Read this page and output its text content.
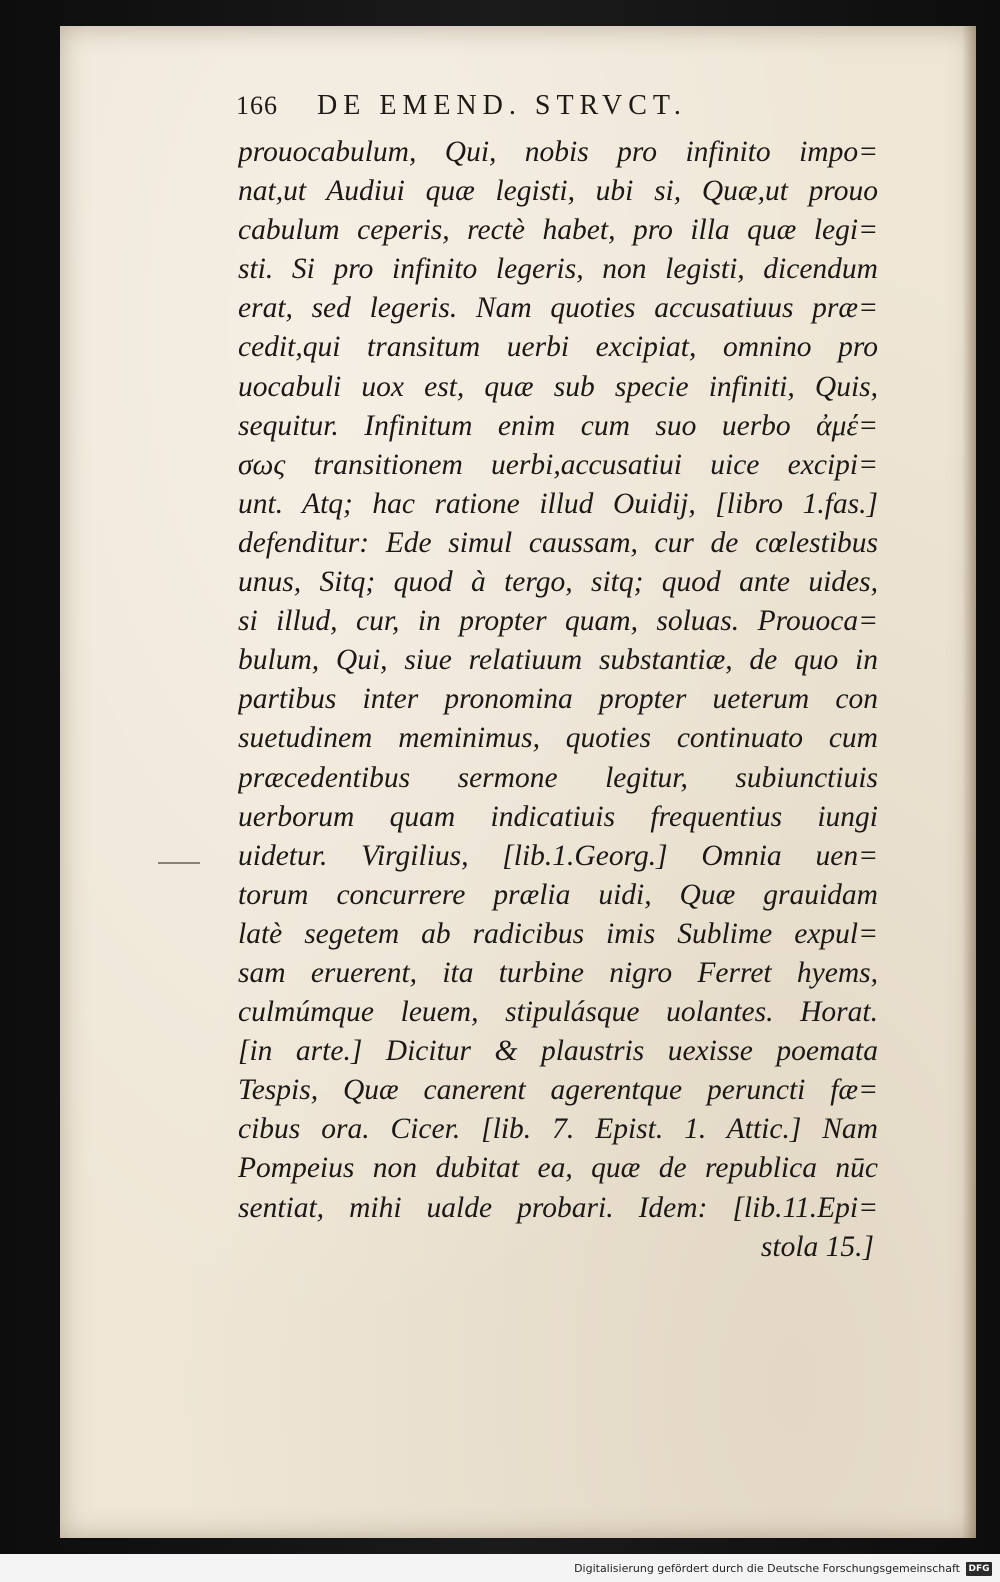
166 DE EMEND. STRVCT.
prouocabulum, Qui, nobis pro infinito impo=
nat,ut Audiui quæ legisti, ubi si, Quæ,ut prouo
cabulum ceperis, rectè habet, pro illa quæ legi=
sti. Si pro infinito legeris, non legisti, dicendum
erat, sed legeris. Nam quoties accusatiuus præ=
cedit,qui transitum uerbi excipiat, omnino pro
uocabuli uox est, quæ sub specie infiniti, Quis,
sequitur. Infinitum enim cum suo uerbo ἀμέ=
σως transitionem uerbi,accusatiui uice excipi=
unt. Atq; hac ratione illud Ouidij, [libro 1.fas.]
defenditur: Ede simul caussam, cur de cœlestibus
unus, Sitq; quod à tergo, sitq; quod ante uides,
si illud, cur, in propter quam, soluas. Prouoca=
bulum, Qui, siue relatiuum substantiæ, de quo in
partibus inter pronomina propter ueterum con
suetudinem meminimus, quoties continuato cum
præcedentibus sermone legitur, subiunctiuis
uerborum quam indicatiuis frequentius iungi
uidetur. Virgilius, [lib.1.Georg.] Omnia uen=
torum concurrere prælia uidi, Quæ grauidam
latè segetem ab radicibus imis Sublime expul=
sam eruerent, ita turbine nigro Ferret hyems,
culmúmque leuem, stipulásque uolantes. Horat.
[in arte.] Dicitur & plaustris uexisse poemata
Tespis, Quæ canerent agerentque peruncti fæ=
cibus ora. Cicer. [lib. 7. Epist. 1. Attic.] Nam
Pompeius non dubitat ea, quæ de republica nūc
sentiat, mihi ualde probari. Idem: [lib.11.Epi=
stola 15.]
Digitalisierung gefördert durch die Deutsche Forschungsgemeinschaft DFG
